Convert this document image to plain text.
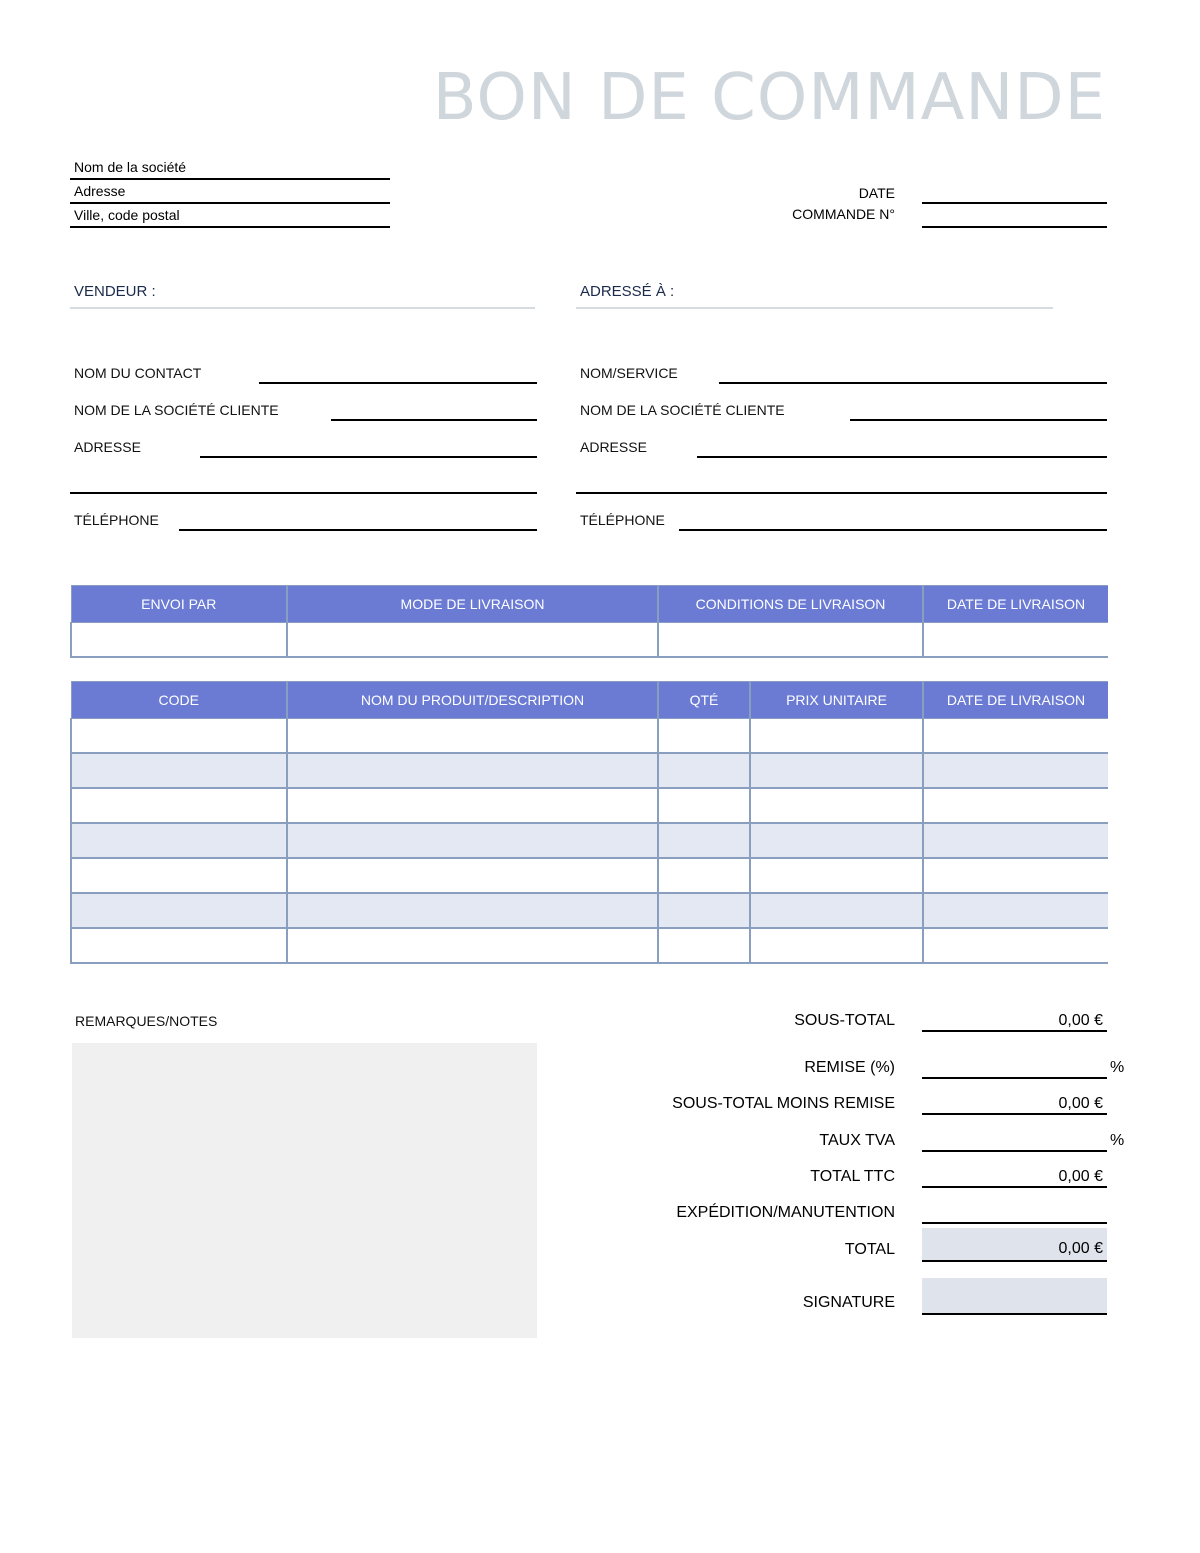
BON DE COMMANDE
Nom de la société
Adresse
Ville, code postal
DATE
COMMANDE N°
VENDEUR :
NOM DU CONTACT
NOM DE LA SOCIÉTÉ CLIENTE
ADRESSE
TÉLÉPHONE
ADRESSÉ À :
NOM/SERVICE
NOM DE LA SOCIÉTÉ CLIENTE
ADRESSE
TÉLÉPHONE
ENVOI PAR	MODE DE LIVRAISON	CONDITIONS DE LIVRAISON	DATE DE LIVRAISON

CODE	NOM DU PRODUIT/DESCRIPTION	QTÉ	PRIX UNITAIRE	DATE DE LIVRAISON

REMARQUES/NOTES	SOUS-TOTAL	0,00 €
REMISE (%)	%
SOUS-TOTAL MOINS REMISE	0,00 €
TAUX TVA	%
TOTAL TTC	0,00 €
EXPÉDITION/MANUTENTION
TOTAL	0,00 €
SIGNATURE
